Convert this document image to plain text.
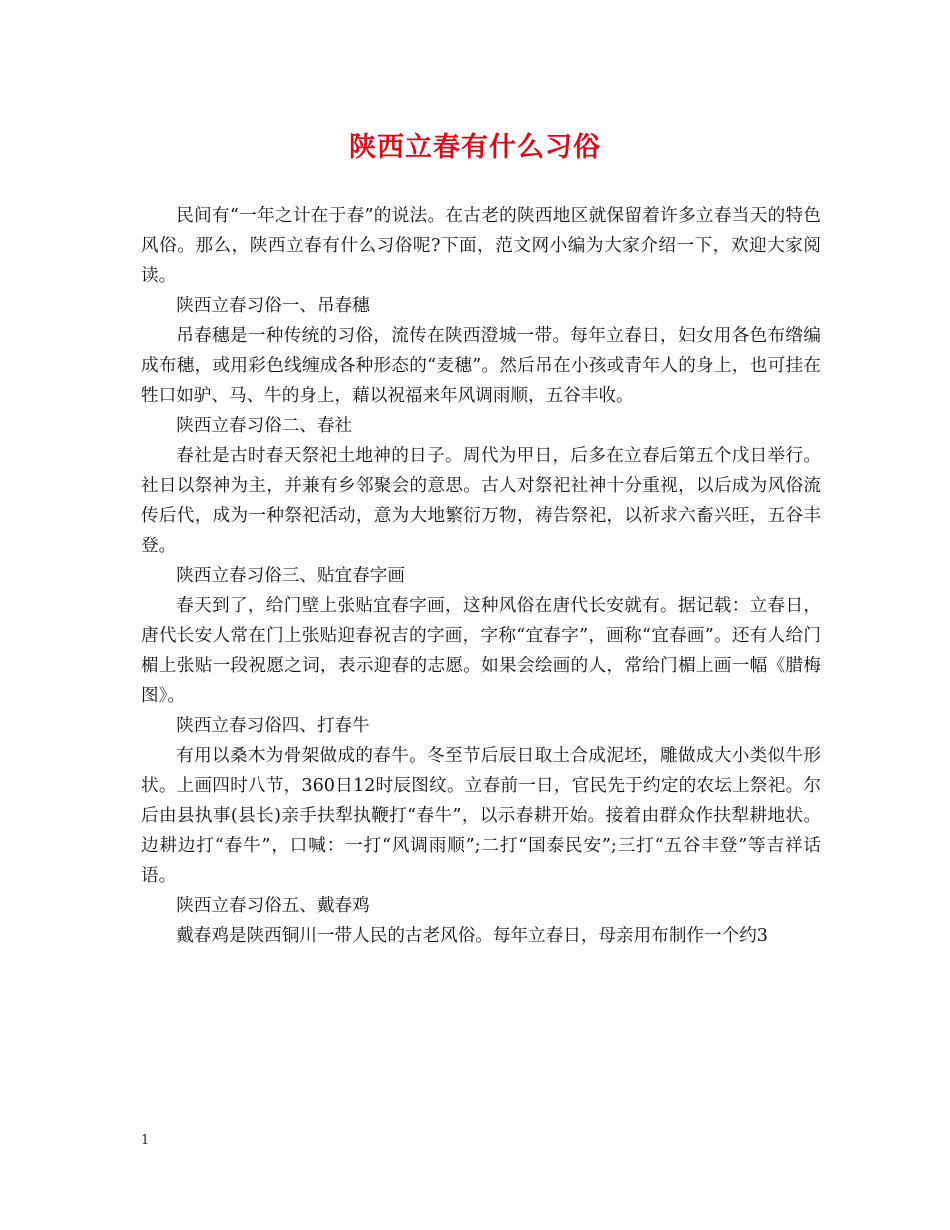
陕西立春有什么习俗

民间有“一年之计在于春”的说法。在古老的陕西地区就保留着许多立春当天的特色风俗。那么，陕西立春有什么习俗呢?下面，范文网小编为大家介绍一下，欢迎大家阅读。

陕西立春习俗一、吊春穗

吊春穗是一种传统的习俗，流传在陕西澄城一带。每年立春日，妇女用各色布绺编成布穗，或用彩色线缠成各种形态的“麦穗”。然后吊在小孩或青年人的身上，也可挂在牲口如驴、马、牛的身上，藉以祝福来年风调雨顺，五谷丰收。

陕西立春习俗二、春社

春社是古时春天祭祀土地神的日子。周代为甲日，后多在立春后第五个戊日举行。社日以祭神为主，并兼有乡邻聚会的意思。古人对祭祀社神十分重视，以后成为风俗流传后代，成为一种祭祀活动，意为大地繁衍万物，祷告祭祀，以祈求六畜兴旺，五谷丰登。

陕西立春习俗三、贴宜春字画

春天到了，给门壁上张贴宜春字画，这种风俗在唐代长安就有。据记载：立春日，唐代长安人常在门上张贴迎春祝吉的字画，字称“宜春字”，画称“宜春画”。还有人给门楣上张贴一段祝愿之词，表示迎春的志愿。如果会绘画的人，常给门楣上画一幅《腊梅图》。

陕西立春习俗四、打春牛

有用以桑木为骨架做成的春牛。冬至节后辰日取土合成泥坯，雕做成大小类似牛形状。上画四时八节，360日12时辰图纹。立春前一日，官民先于约定的农坛上祭祀。尔后由县执事(县长)亲手扶犁执鞭打“春牛”，以示春耕开始。接着由群众作扶犁耕地状。边耕边打“春牛”，口喊：一打“风调雨顺”;二打“国泰民安”;三打“五谷丰登”等吉祥话语。

陕西立春习俗五、戴春鸡

戴春鸡是陕西铜川一带人民的古老风俗。每年立春日，母亲用布制作一个约3

1
